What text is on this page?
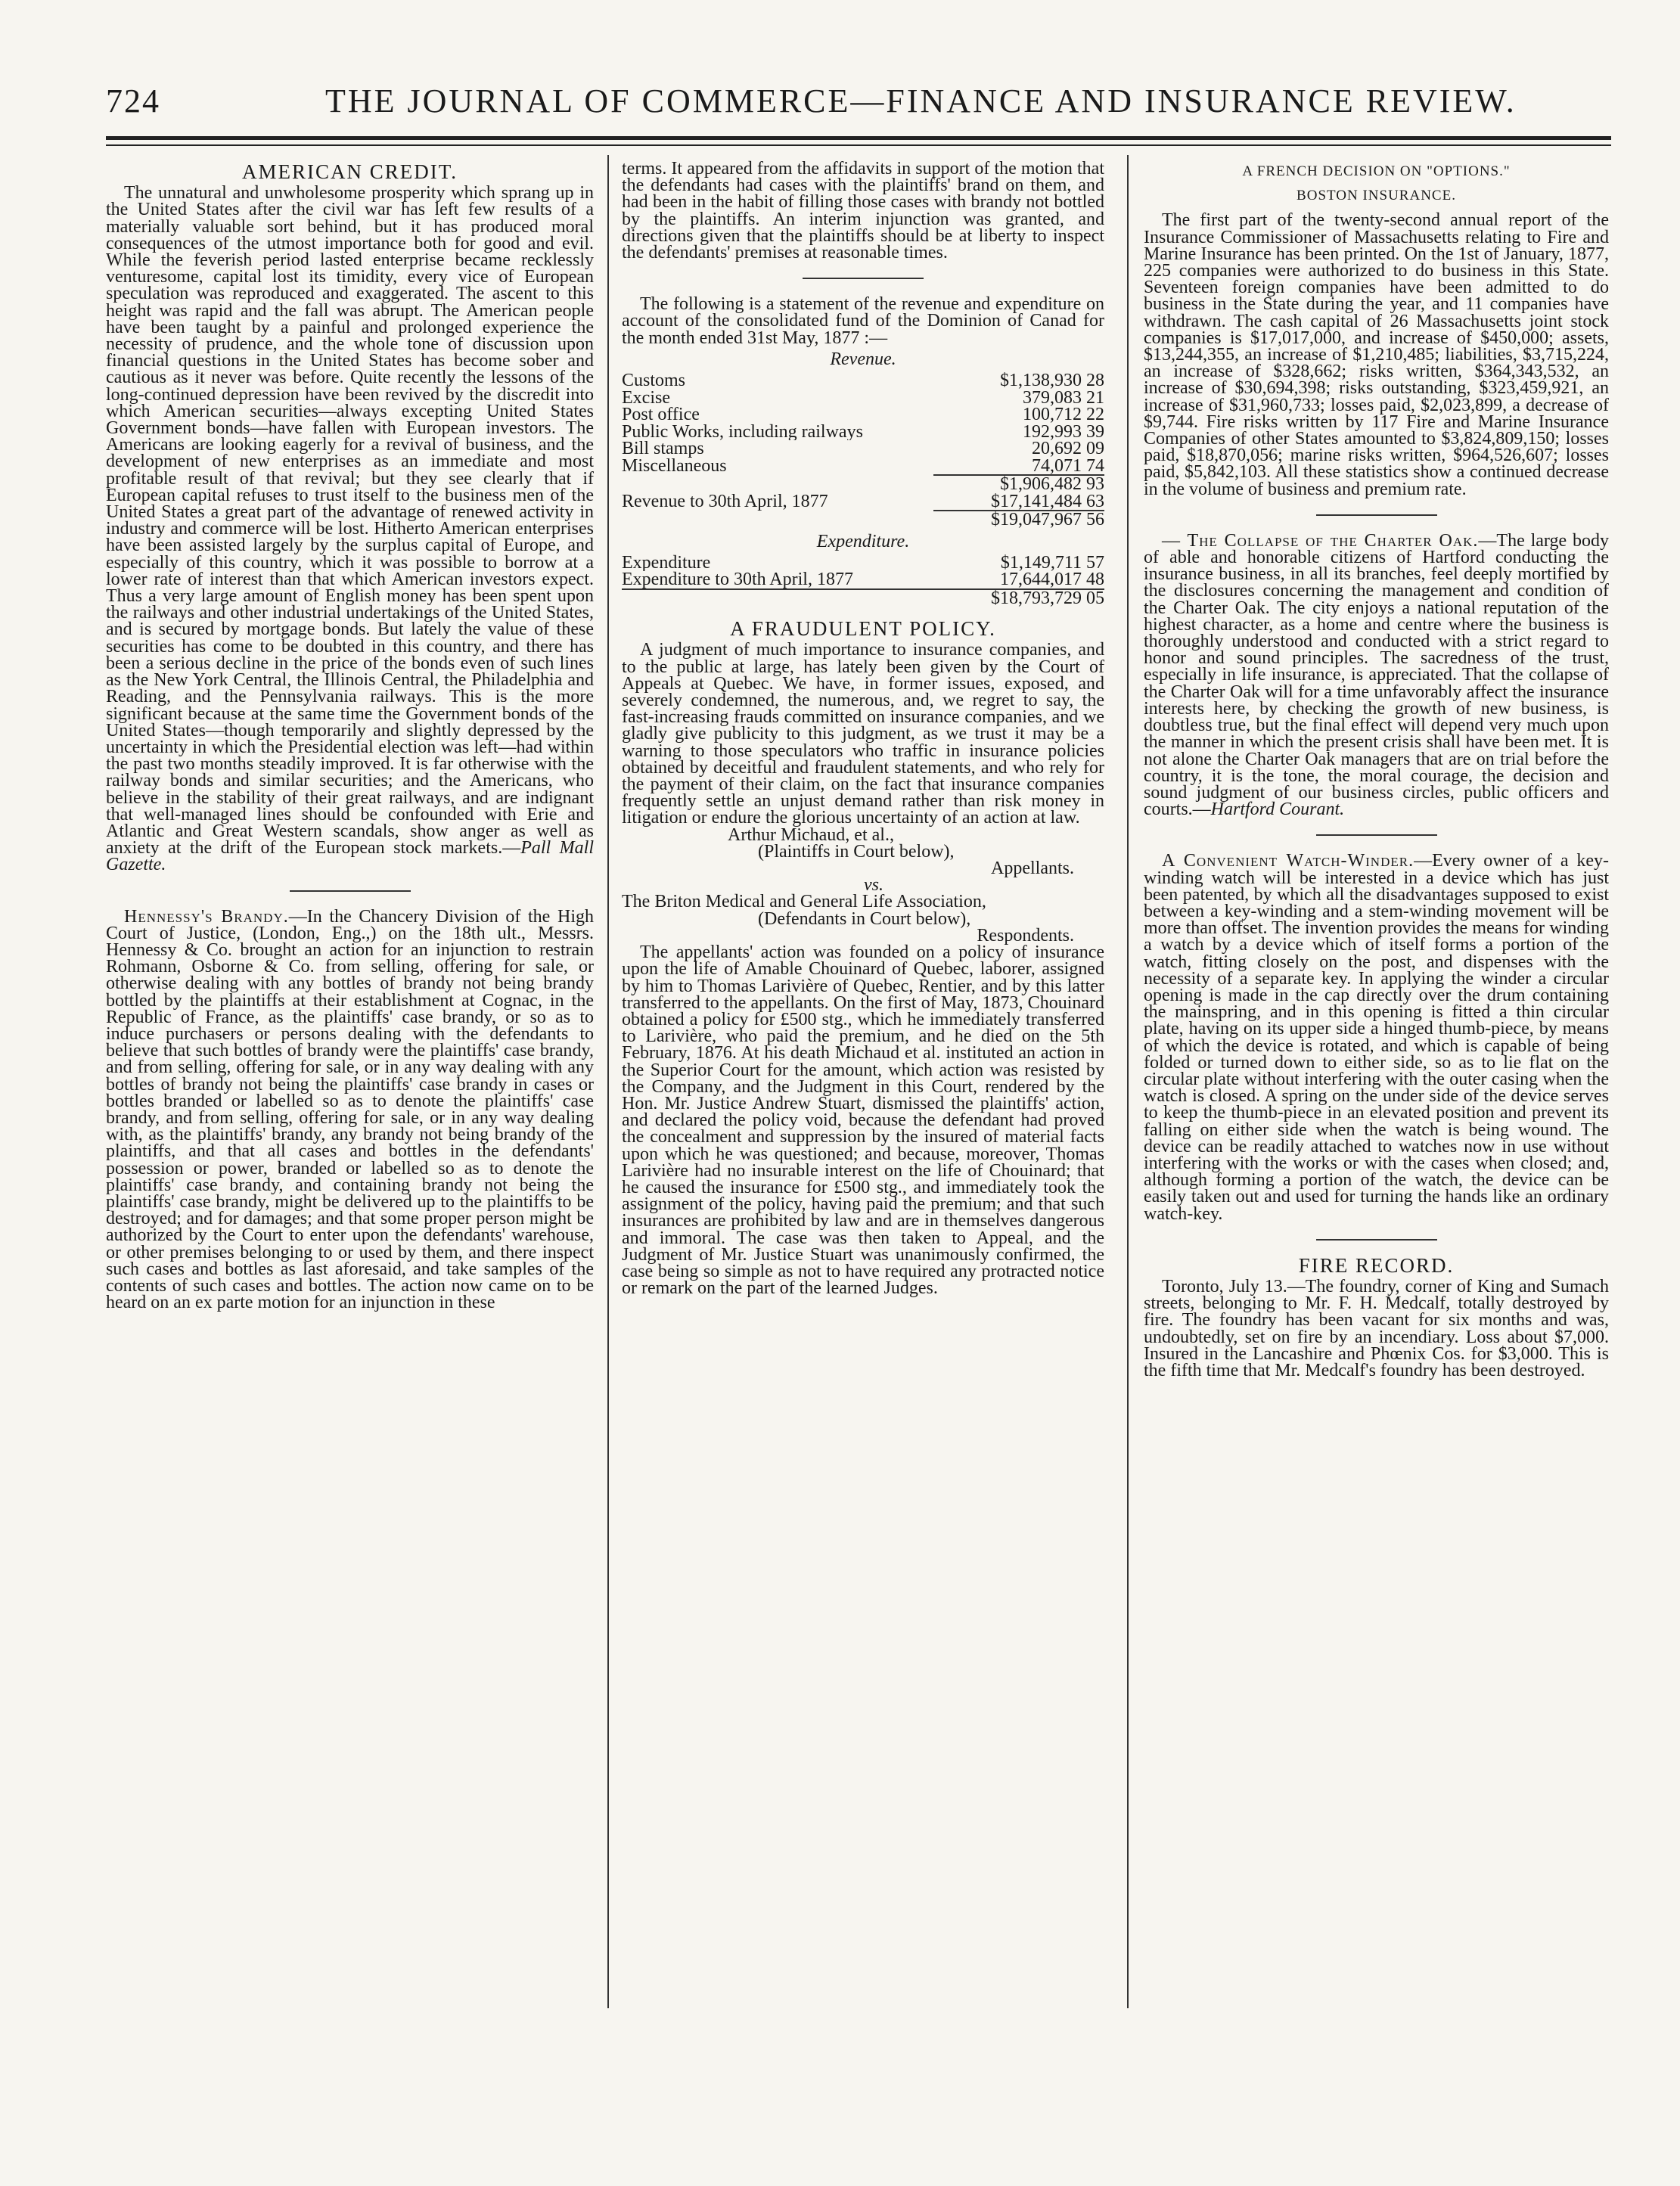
724	THE JOURNAL OF COMMERCE—FINANCE AND INSURANCE REVIEW.
AMERICAN CREDIT.

The unnatural and unwholesome prosperity which sprang up in the United States after the civil war has left few results of a materially valuable sort behind, but it has produced moral consequences of the utmost importance both for good and evil. While the feverish period lasted enterprise became recklessly venturesome, capital lost its timidity, every vice of European speculation was reproduced and exaggerated. The ascent to this height was rapid and the fall was abrupt. The American people have been taught by a painful and prolonged experience the necessity of prudence, and the whole tone of discussion upon financial questions in the United States has become sober and cautious as it never was before. Quite recently the lessons of the long-continued depression have been revived by the discredit into which American securities—always excepting United States Government bonds—have fallen with European investors. The Americans are looking eagerly for a revival of business, and the development of new enterprises as an immediate and most profitable result of that revival; but they see clearly that if European capital refuses to trust itself to the business men of the United States a great part of the advantage of renewed activity in industry and commerce will be lost. Hitherto American enterprises have been assisted largely by the surplus capital of Europe, and especially of this country, which it was possible to borrow at a lower rate of interest than that which American investors expect. Thus a very large amount of English money has been spent upon the railways and other industrial undertakings of the United States, and is secured by mortgage bonds. But lately the value of these securities has come to be doubted in this country, and there has been a serious decline in the price of the bonds even of such lines as the New York Central, the Illinois Central, the Philadelphia and Reading, and the Pennsylvania railways. This is the more significant because at the same time the Government bonds of the United States—though temporarily and slightly depressed by the uncertainty in which the Presidential election was left—had within the past two months steadily improved. It is far otherwise with the railway bonds and similar securities; and the Americans, who believe in the stability of their great railways, and are indignant that well-managed lines should be confounded with Erie and Atlantic and Great Western scandals, show anger as well as anxiety at the drift of the European stock markets.—Pall Mall Gazette.

Hennessy's Brandy.—In the Chancery Division of the High Court of Justice, (London, Eng.,) on the 18th ult., Messrs. Hennessy & Co. brought an action for an injunction to restrain Rohmann, Osborne & Co. from selling, offering for sale, or otherwise dealing with any bottles of brandy not being brandy bottled by the plaintiffs at their establishment at Cognac, in the Republic of France, as the plaintiffs' case brandy, or so as to induce purchasers or persons dealing with the defendants to believe that such bottles of brandy were the plaintiffs' case brandy, and from selling, offering for sale, or in any way dealing with any bottles of brandy not being the plaintiffs' case brandy in cases or bottles branded or labelled so as to denote the plaintiffs' case brandy, and from selling, offering for sale, or in any way dealing with, as the plaintiffs' brandy, any brandy not being brandy of the plaintiffs, and that all cases and bottles in the defendants' possession or power, branded or labelled so as to denote the plaintiffs' case brandy, and containing brandy not being the plaintiffs' case brandy, might be delivered up to the plaintiffs to be destroyed; and for damages; and that some proper person might be authorized by the Court to enter upon the defendants' warehouse, or other premises belonging to or used by them, and there inspect such cases and bottles as last aforesaid, and take samples of the contents of such cases and bottles. The action now came on to be heard on an ex parte motion for an injunction in these

terms. It appeared from the affidavits in support of the motion that the defendants had cases with the plaintiffs' brand on them, and had been in the habit of filling those cases with brandy not bottled by the plaintiffs. An interim injunction was granted, and directions given that the plaintiffs should be at liberty to inspect the defendants' premises at reasonable times.

The following is a statement of the revenue and expenditure on account of the consolidated fund of the Dominion of Canad for the month ended 31st May, 1877 :—

Revenue.
Customs	$1,138,930 28
Excise	379,083 21
Post office	100,712 22
Public Works, including railways	192,993 39
Bill stamps	20,692 09
Miscellaneous	74,071 74
	$1,906,482 93
Revenue to 30th April, 1877	$17,141,484 63
	$19,047,967 56
Expenditure.
Expenditure	$1,149,711 57
Expenditure to 30th April, 1877	17,644,017 48
	$18,793,729 05
A FRAUDULENT POLICY.

A judgment of much importance to insurance companies, and to the public at large, has lately been given by the Court of Appeals at Quebec. We have, in former issues, exposed, and severely condemned, the numerous, and, we regret to say, the fast-increasing frauds committed on insurance companies, and we gladly give publicity to this judgment, as we trust it may be a warning to those speculators who traffic in insurance policies obtained by deceitful and fraudulent statements, and who rely for the payment of their claim, on the fact that insurance companies frequently settle an unjust demand rather than risk money in litigation or endure the glorious uncertainty of an action at law.

Arthur Michaud, et al.,
(Plaintiffs in Court below),
Appellants.
vs.
The Briton Medical and General Life Association,
(Defendants in Court below),
Respondents.

The appellants' action was founded on a policy of insurance upon the life of Amable Chouinard of Quebec, laborer, assigned by him to Thomas Larivière of Quebec, Rentier, and by this latter transferred to the appellants. On the first of May, 1873, Chouinard obtained a policy for £500 stg., which he immediately transferred to Larivière, who paid the premium, and he died on the 5th February, 1876. At his death Michaud et al. instituted an action in the Superior Court for the amount, which action was resisted by the Company, and the Judgment in this Court, rendered by the Hon. Mr. Justice Andrew Stuart, dismissed the plaintiffs' action, and declared the policy void, because the defendant had proved the concealment and suppression by the insured of material facts upon which he was questioned; and because, moreover, Thomas Larivière had no insurable interest on the life of Chouinard; that he caused the insurance for £500 stg., and immediately took the assignment of the policy, having paid the premium; and that such insurances are prohibited by law and are in themselves dangerous and immoral. The case was then taken to Appeal, and the Judgment of Mr. Justice Stuart was unanimously confirmed, the case being so simple as not to have required any protracted notice or remark on the part of the learned Judges.

A FRENCH DECISION ON "OPTIONS."
BOSTON INSURANCE.

The first part of the twenty-second annual report of the Insurance Commissioner of Massachusetts relating to Fire and Marine Insurance has been printed. On the 1st of January, 1877, 225 companies were authorized to do business in this State. Seventeen foreign companies have been admitted to do business in the State during the year, and 11 companies have withdrawn. The cash capital of 26 Massachusetts joint stock companies is $17,017,000, and increase of $450,000; assets, $13,244,355, an increase of $1,210,485; liabilities, $3,715,224, an increase of $328,662; risks written, $364,343,532, an increase of $30,694,398; risks outstanding, $323,459,921, an increase of $31,960,733; losses paid, $2,023,899, a decrease of $9,744. Fire risks written by 117 Fire and Marine Insurance Companies of other States amounted to $3,824,809,150; losses paid, $18,870,056; marine risks written, $964,526,607; losses paid, $5,842,103. All these statistics show a continued decrease in the volume of business and premium rate.

— The Collapse of the Charter Oak.—The large body of able and honorable citizens of Hartford conducting the insurance business, in all its branches, feel deeply mortified by the disclosures concerning the management and condition of the Charter Oak. The city enjoys a national reputation of the highest character, as a home and centre where the business is thoroughly understood and conducted with a strict regard to honor and sound principles. The sacredness of the trust, especially in life insurance, is appreciated. That the collapse of the Charter Oak will for a time unfavorably affect the insurance interests here, by checking the growth of new business, is doubtless true, but the final effect will depend very much upon the manner in which the present crisis shall have been met. It is not alone the Charter Oak managers that are on trial before the country, it is the tone, the moral courage, the decision and sound judgment of our business circles, public officers and courts.—Hartford Courant.

A Convenient Watch-Winder.—Every owner of a key-winding watch will be interested in a device which has just been patented, by which all the disadvantages supposed to exist between a key-winding and a stem-winding movement will be more than offset. The invention provides the means for winding a watch by a device which of itself forms a portion of the watch, fitting closely on the post, and dispenses with the necessity of a separate key. In applying the winder a circular opening is made in the cap directly over the drum containing the mainspring, and in this opening is fitted a thin circular plate, having on its upper side a hinged thumb-piece, by means of which the device is rotated, and which is capable of being folded or turned down to either side, so as to lie flat on the circular plate without interfering with the outer casing when the watch is closed. A spring on the under side of the device serves to keep the thumb-piece in an elevated position and prevent its falling on either side when the watch is being wound. The device can be readily attached to watches now in use without interfering with the works or with the cases when closed; and, although forming a portion of the watch, the device can be easily taken out and used for turning the hands like an ordinary watch-key.

FIRE RECORD.

Toronto, July 13.—The foundry, corner of King and Sumach streets, belonging to Mr. F. H. Medcalf, totally destroyed by fire. The foundry has been vacant for six months and was, undoubtedly, set on fire by an incendiary. Loss about $7,000. Insured in the Lancashire and Phœnix Cos. for $3,000. This is the fifth time that Mr. Medcalf's foundry has been destroyed.
